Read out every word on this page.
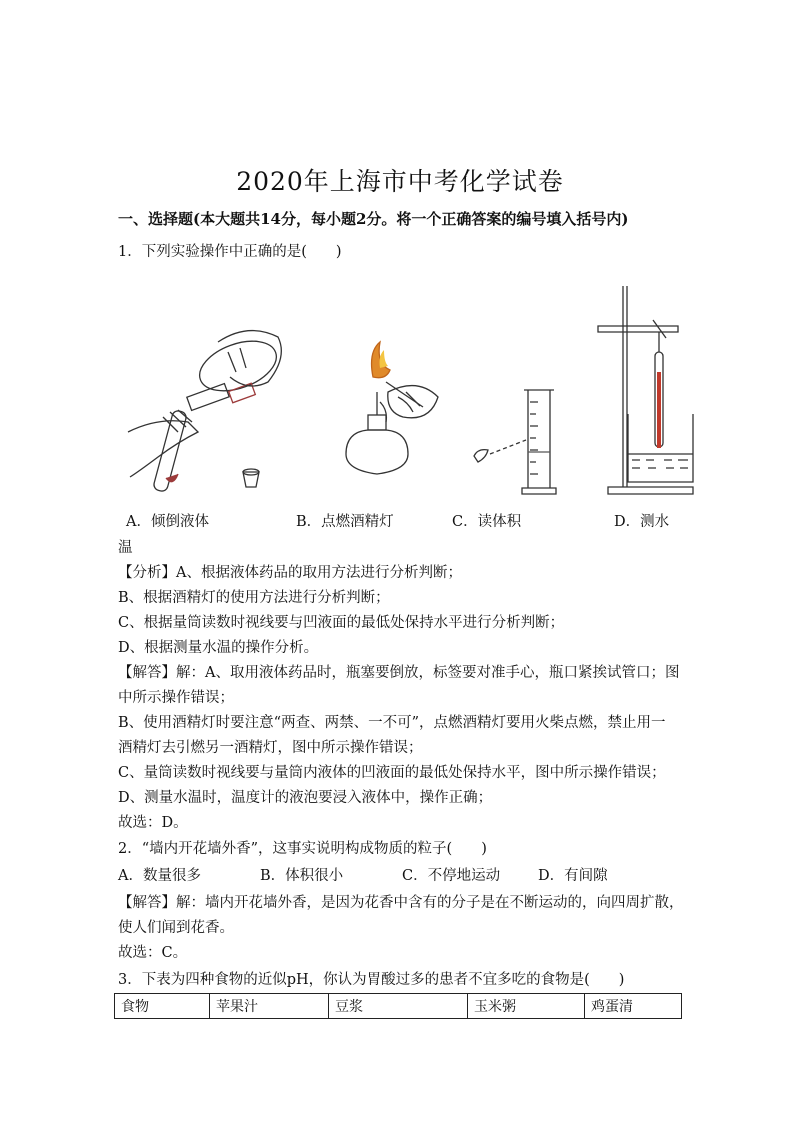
2020年上海市中考化学试卷
一、选择题(本大题共14分，每小题2分。将一个正确答案的编号填入括号内)
1．下列实验操作中正确的是(　　)
A．倾倒液体	B．点燃酒精灯	C．读体积	D．测水
温
【分析】A、根据液体药品的取用方法进行分析判断；
B、根据酒精灯的使用方法进行分析判断；
C、根据量筒读数时视线要与凹液面的最低处保持水平进行分析判断；
D、根据测量水温的操作分析。
【解答】解：A、取用液体药品时，瓶塞要倒放，标签要对准手心，瓶口紧挨试管口；图
中所示操作错误；
B、使用酒精灯时要注意“两查、两禁、一不可”，点燃酒精灯要用火柴点燃，禁止用一
酒精灯去引燃另一酒精灯，图中所示操作错误；
C、量筒读数时视线要与量筒内液体的凹液面的最低处保持水平，图中所示操作错误；
D、测量水温时，温度计的液泡要浸入液体中，操作正确；
故选：D。
2．“墙内开花墙外香”，这事实说明构成物质的粒子(　　)
A．数量很多	B．体积很小	C．不停地运动	D．有间隙
【解答】解：墙内开花墙外香，是因为花香中含有的分子是在不断运动的，向四周扩散，
使人们闻到花香。
故选：C。
3．下表为四种食物的近似pH，你认为胃酸过多的患者不宜多吃的食物是(　　)
食物	苹果汁	豆浆	玉米粥	鸡蛋清
